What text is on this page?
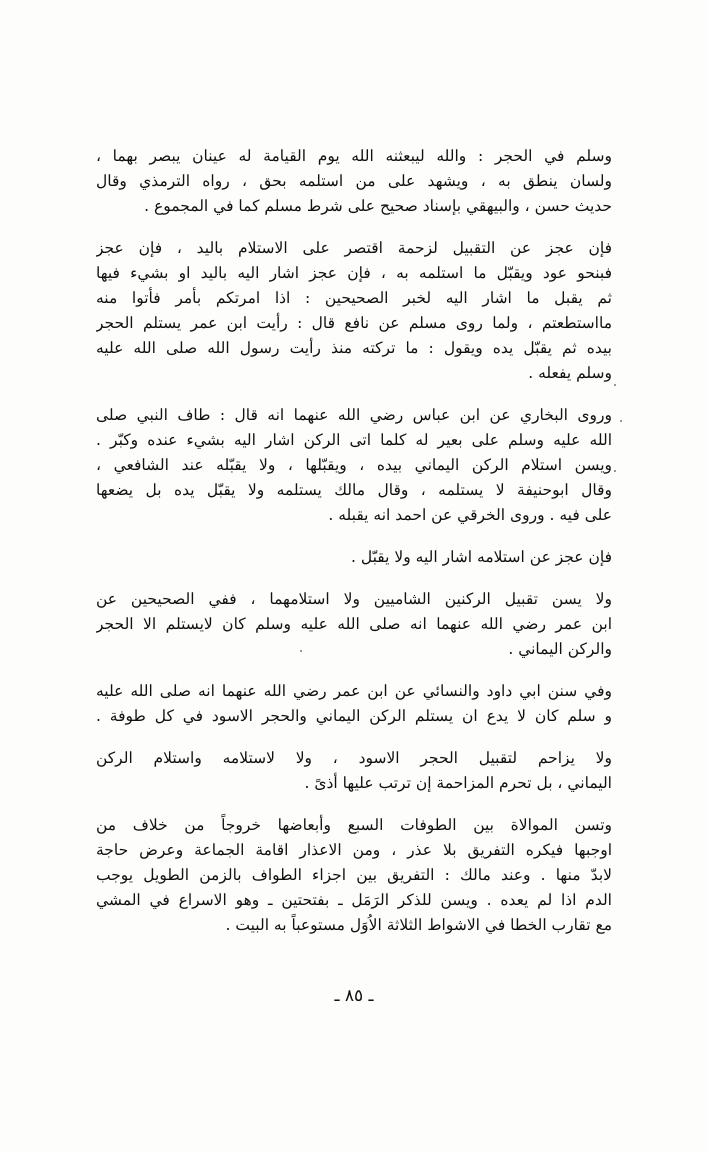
وسلم في الحجر : والله ليبعثنه الله يوم القيامة له عينان يبصر بهما ،
ولسان ينطق به ، ويشهد على من استلمه بحق ، رواه الترمذي وقال
حديث حسن ، والبيهقي بإسناد صحيح على شرط مسلم كما في المجموع .
فإن عجز عن التقبيل لزحمة اقتصر على الاستلام باليد ، فإن عجز
فبنحو عود ويقبّل ما استلمه به ، فإن عجز اشار اليه باليد او بشيء فيها
ثم يقبل ما اشار اليه لخبر الصحيحين : اذا امرتكم بأمر فأتوا منه
مااستطعتم ، ولما روى مسلم عن نافع قال : رأيت ابن عمر يستلم الحجر
بيده ثم يقبّل يده ويقول : ما تركته منذ رأيت رسول الله صلى الله عليه
وسلم يفعله .
وروى البخاري عن ابن عباس رضي الله عنهما انه قال : طاف النبي صلى
الله عليه وسلم على بعير له كلما اتى الركن اشار اليه بشيء عنده وكبّر .
ويسن استلام الركن اليماني بيده ، ويقبّلها ، ولا يقبّله عند الشافعي ،
وقال ابوحنيفة لا يستلمه ، وقال مالك يستلمه ولا يقبّل يده بل يضعها
على فيه . وروى الخرقي عن احمد انه يقبله .
فإن عجز عن استلامه اشار اليه ولا يقبّل .
ولا يسن تقبيل الركنين الشاميين ولا استلامهما ، ففي الصحيحين عن
ابن عمر رضي الله عنهما انه صلى الله عليه وسلم كان لايستلم الا الحجر
والركن اليماني .
وفي سنن ابي داود والنسائي عن ابن عمر رضي الله عنهما انه صلى الله عليه
و سلم كان لا يدع ان يستلم الركن اليماني والحجر الاسود في كل طوفة .
ولا يزاحم لتقبيل الحجر الاسود ، ولا لاستلامه واستلام الركن
اليماني ، بل تحرم المزاحمة إن ترتب عليها أذىً .
وتسن الموالاة بين الطوفات السبع وأبعاضها خروجاً من خلاف من
اوجبها فيكره التفريق بلا عذر ، ومن الاعذار اقامة الجماعة وعرض حاجة
لابدّ منها . وعند مالك : التفريق بين اجزاء الطواف بالزمن الطويل يوجب
الدم اذا لم يعده . ويسن للذكر الرَمَل ـ بفتحتين ـ وهو الاسراع في المشي
مع تقارب الخطا في الاشواط الثلاثة الاُوَل مستوعباً به البيت .
ـ ٨٥ ـ
